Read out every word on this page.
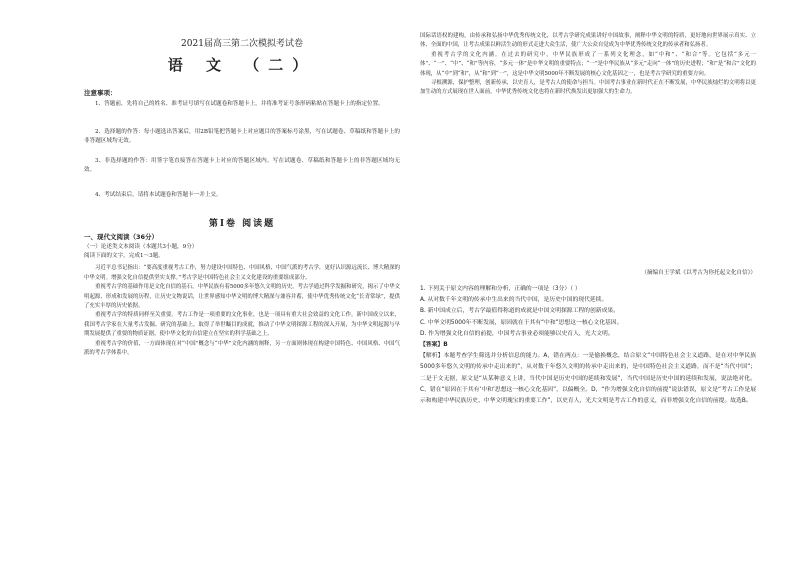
2021届高三第二次模拟考试卷
语 文 （二）

注意事项：

1、答题前，先将自己的姓名、准考证号填写在试题卷和答题卡上，并将准考证号条形码粘贴在答题卡上的指定位置。

2、选择题的作答：每小题选出答案后，用2B铅笔把答题卡上对应题目的答案标号涂黑，写在试题卷、草稿纸和答题卡上的非答题区域均无效。

3、非选择题的作答：用签字笔直接答在答题卡上对应的答题区域内。写在试题卷、草稿纸和答题卡上的非答题区域均无效。

4、考试结束后，请将本试题卷和答题卡一并上交。

第Ⅰ卷 阅读题

一、现代文阅读（36分）

（一）论述类文本阅读（本题共3小题，9分）

阅读下面的文字，完成1～3题。

习近平总书记指出：“要高度重视考古工作，努力建设中国特色、中国风格、中国气派的考古学，更好认识源远流长、博大精深的中华文明。增强文化自信提供坚实支撑。”考古学是中国特色社会主义文化建设的重要组成部分。

重视考古学的基础作用是文化自信的基石。中华民族有着5000多年悠久文明的历史，考古学通过科学发掘和研究，揭示了中华文明起源、形成和发展的历程，让历史文物说话，让世界感知中华文明的博大精深与兼容并蓄，使中华优秀传统文化“长青常绿”，提供了充实丰厚的历史依据。

重视考古学的特质同样至关重要。考古工作是一项重要的文化事业，也是一项具有重大社会效益的文化工作。新中国成立以来，我国考古学家在大量考古发掘、研究的基础上，取得了举世瞩目的成就，推动了中华文明探源工程的深入开展，为中华文明起源与早期发展提供了重要的物质证据，使中华文化的自信建立在坚实的科学基础之上。

重视考古学的价值，一方面体现在对“中国”概念与“中华”文化内涵的阐释，另一方面则体现在构建中国特色、中国风格、中国气派的考古学体系中。

国际话语权的建构，由传承和弘扬中华优秀传统文化，以考古学研究成果讲好中国故事，阐释中华文明的特质，更好地向世界展示真实、立体、全面的中国，让考古成果以鲜活生动的形式走进大众生活，使广大公众自觉成为中华优秀传统文化的传承者和弘扬者。

重视考古学的文化内涵。在过去的研究中，中华民族形成了一系列文化理念，如“中和”、“和合”等。它包括“多元一体”、“一”、“中”、“和”等内容，“多元一体”是中华文明的重要特点；“一”是中华民族从“多元”走向“一体”的历史进程；“和”是“和合”文化的体现，从“中”到“和”，从“和”到“一”，这是中华文明5000年不断发展的核心文化基因之一，也是考古学研究的重要方向。

寻根溯源，保护整理，创新传承，以史育人，是考古人的使命与担当。中国考古事业在新时代正在不断发展，中华民族灿烂的文明将以更加生动的方式展现在世人面前，中华优秀传统文化也将在新时代焕发出更加强大的生命力。

（摘编自王学斌《以考古为你托起文化自信》）

1. 下列关于原文内容的理解和分析，正确的一项是（3分）（ ）

A. 从对数千年文明的传承中生出来的当代中国，是历史中国的现代延续。

B. 新中国成立后，考古学最值得称道的成就是中国文明探源工程的创新成果。

C. 中华文明5000年不断发展，原因就在于其有“中和”思想这一核心文化基因。

D. 作为增强文化自信的前提，中国考古事业必须能够以史育人，光大文明。

【答案】B

【解析】本题考查学生筛选并分析信息的能力。A，错在两点：一是偷换概念，结合原文“中国特色社会主义道路，是在对中华民族5000多年悠久文明的传承中走出来的”，从对数千年悠久文明的传承中走出来的，是中国特色社会主义道路，而不是“当代中国”；二是于文无据，原文是“从某种意义上讲，当代中国是历史中国的延续和发展”，当代中国是历史中国的延续和发展，说法绝对化。C，错在“原因在于其有‘中和’思想这一核心文化基因”，以偏概全。D，“作为增强文化自信的前提”说法错误，原文是“考古工作是展示和构建中华民族历史、中华文明瑰宝的重要工作”，以史育人，光大文明是考古工作的意义，而非增强文化自信的前提。故选B。
